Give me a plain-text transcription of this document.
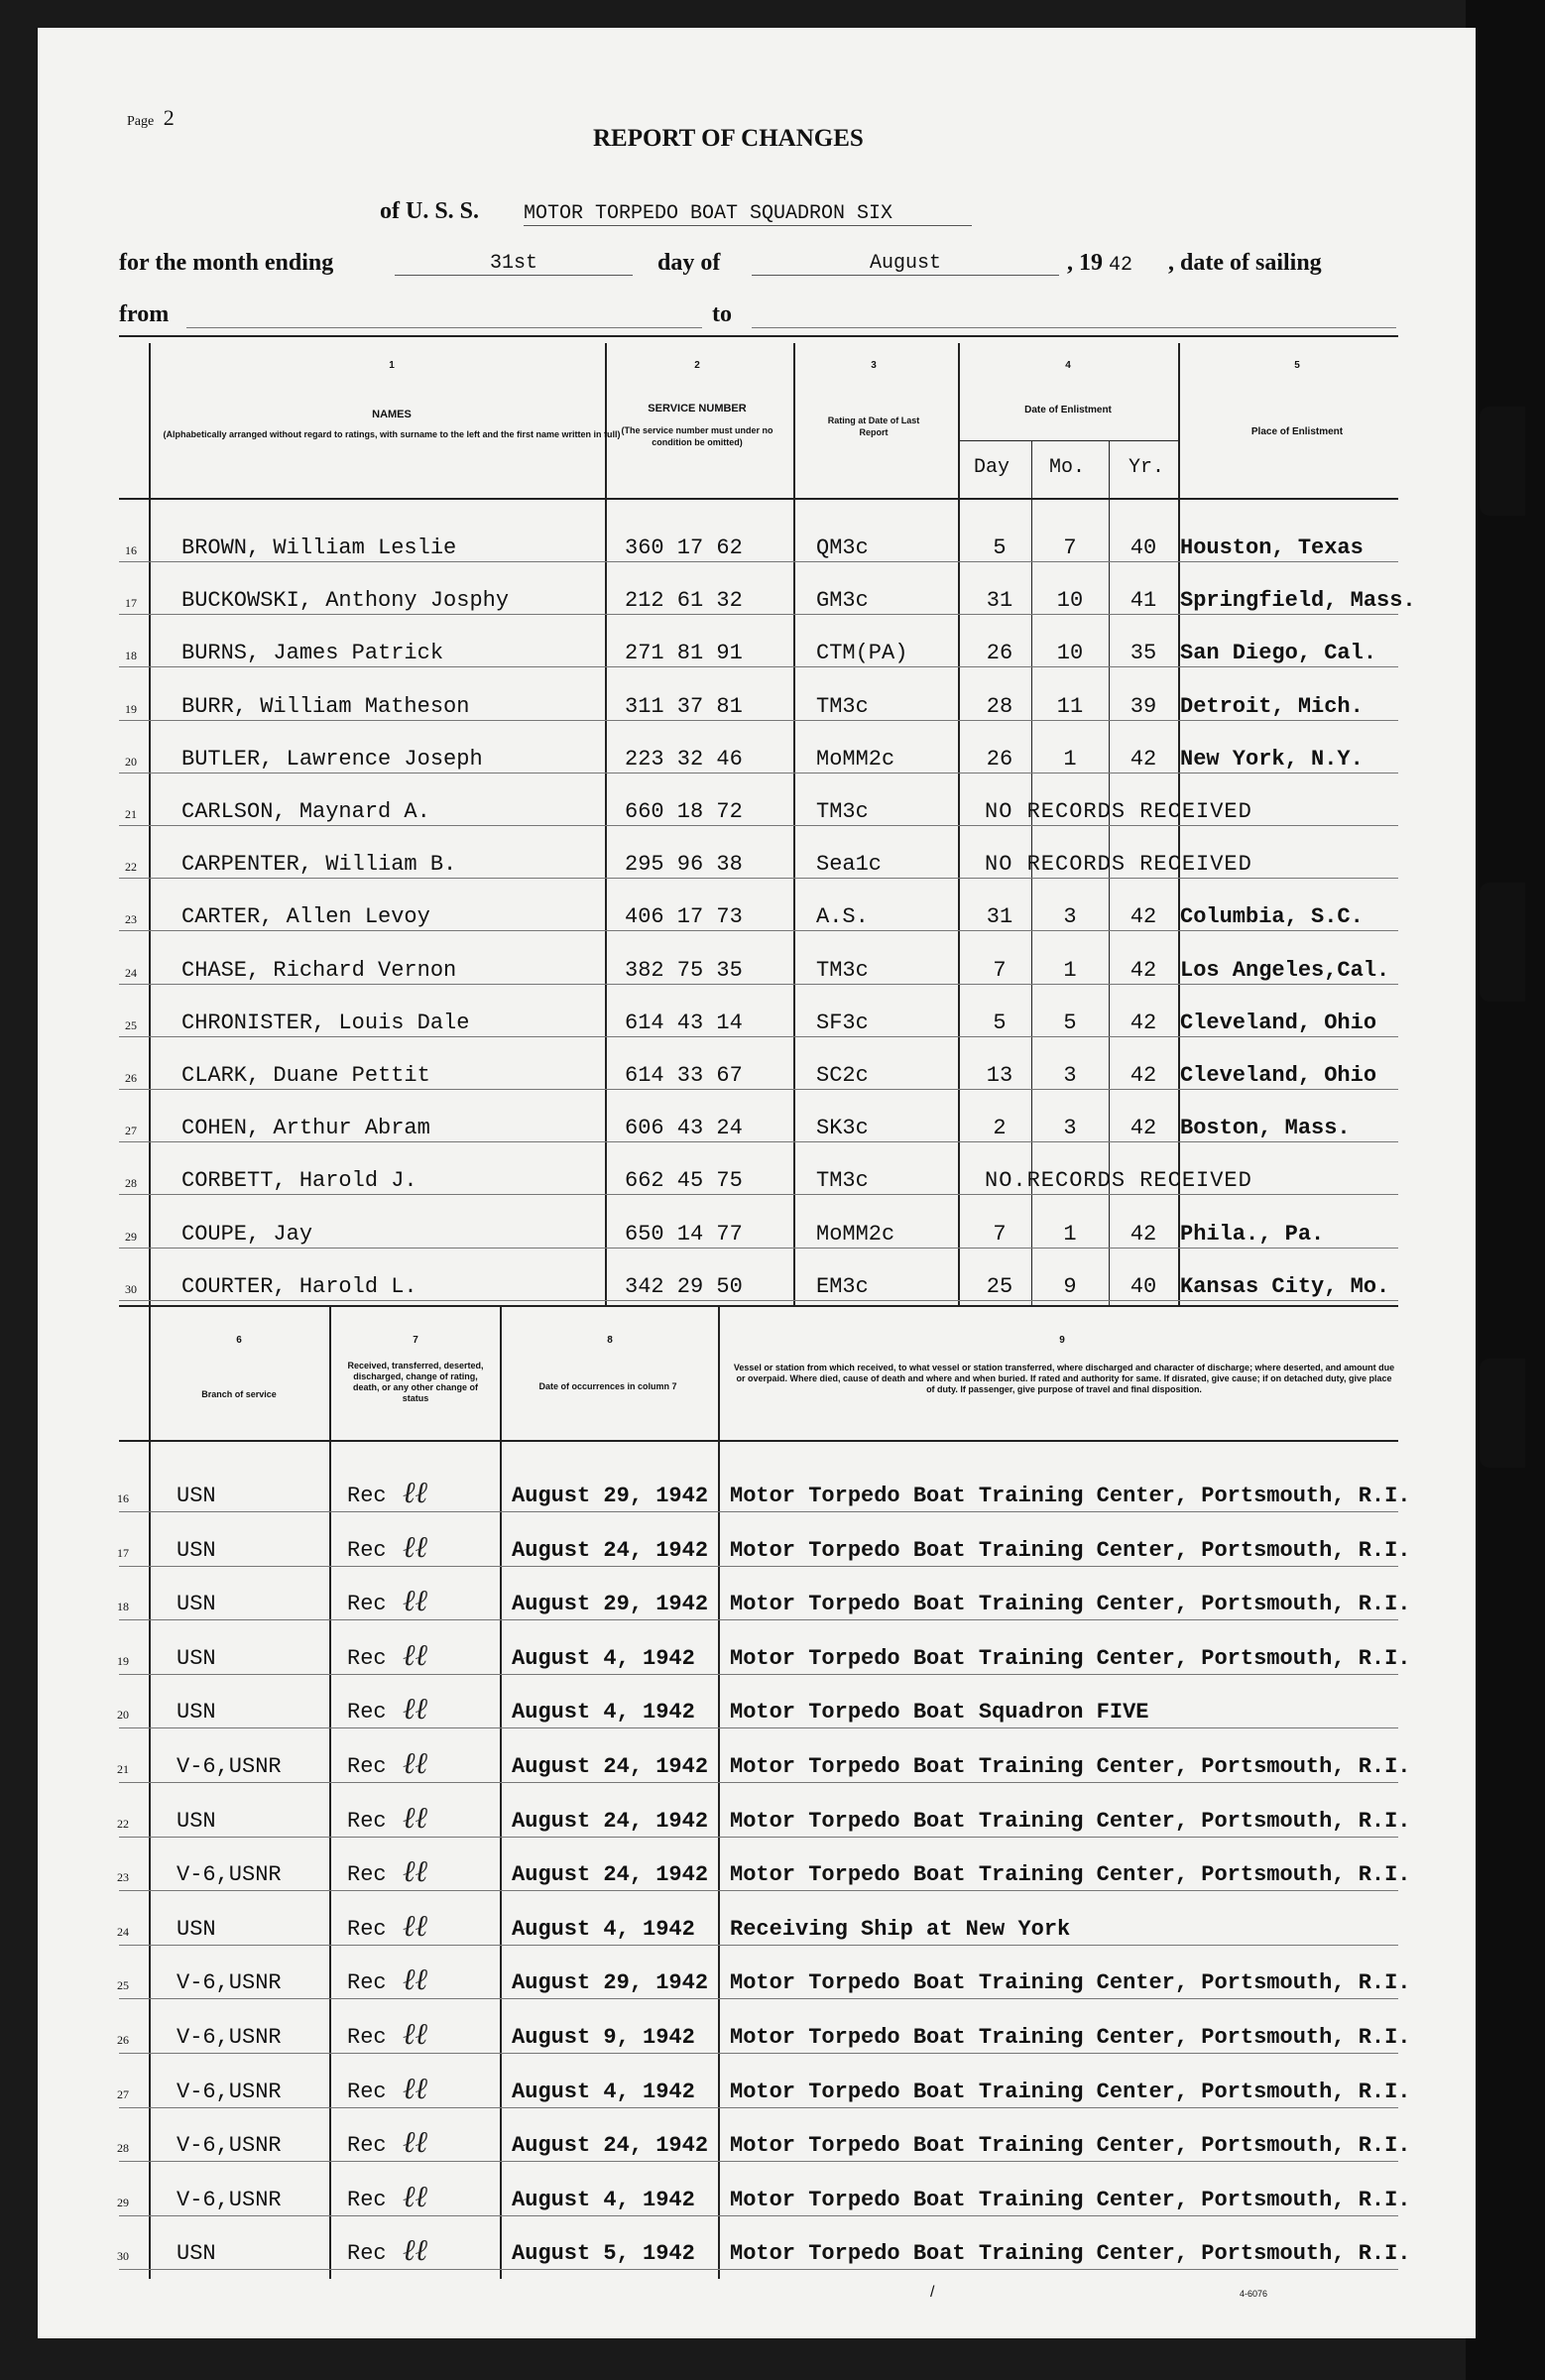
Page 2
REPORT OF CHANGES
of U. S. S. MOTOR TORPEDO BOAT SQUADRON SIX
for the month ending	31st	day of	August	, 19 42 , date of sailing
from	to
1
NAMES
(Alphabetically arranged without regard to ratings, with surname to the left and the first name written in full)
2
SERVICE NUMBER
(The service number must under no condition be omitted)
3
Rating at Date of Last Report
4
Date of Enlistment
Day Mo. Yr.
5
Place of Enlistment
16 BROWN, William Leslie	360 17 62	QM3c	5	7	40	Houston, Texas
17 BUCKOWSKI, Anthony Josphy	212 61 32	GM3c	31	10	41	Springfield, Mass.
18 BURNS, James Patrick	271 81 91	CTM(PA)	26	10	35	San Diego, Cal.
19 BURR, William Matheson	311 37 81	TM3c	28	11	39	Detroit, Mich.
20 BUTLER, Lawrence Joseph	223 32 46	MoMM2c	26	1	42	New York, N.Y.
21 CARLSON, Maynard A.	660 18 72	TM3c	NO RECORDS RECEIVED
22 CARPENTER, William B.	295 96 38	Sea1c	NO RECORDS RECEIVED
23 CARTER, Allen Levoy	406 17 73	A.S.	31	3	42	Columbia, S.C.
24 CHASE, Richard Vernon	382 75 35	TM3c	7	1	42	Los Angeles,Cal.
25 CHRONISTER, Louis Dale	614 43 14	SF3c	5	5	42	Cleveland, Ohio
26 CLARK, Duane Pettit	614 33 67	SC2c	13	3	42	Cleveland, Ohio
27 COHEN, Arthur Abram	606 43 24	SK3c	2	3	42	Boston, Mass.
28 CORBETT, Harold J.	662 45 75	TM3c	NO.RECORDS RECEIVED
29 COUPE, Jay	650 14 77	MoMM2c	7	1	42	Phila., Pa.
30 COURTER, Harold L.	342 29 50	EM3c	25	9	40	Kansas City, Mo.
6
Branch of service
7
Received, transferred, deserted, discharged, change of rating, death, or any other change of status
8
Date of occurrences in column 7
9
Vessel or station from which received, to what vessel or station transferred, where discharged and character of discharge; where deserted, and amount due or overpaid. Where died, cause of death and where and when buried. If rated and authority for same. If disrated, give cause; if on detached duty, give place of duty. If passenger, give purpose of travel and final disposition.
16 USN	Rec ℓℓ	August 29, 1942 Motor Torpedo Boat Training Center, Portsmouth, R.I.
17 USN	Rec ℓℓ	August 24, 1942 Motor Torpedo Boat Training Center, Portsmouth, R.I.
18 USN	Rec ℓℓ	August 29, 1942 Motor Torpedo Boat Training Center, Portsmouth, R.I.
19 USN	Rec ℓℓ	August 4, 1942 Motor Torpedo Boat Training Center, Portsmouth, R.I.
20 USN	Rec ℓℓ	August 4, 1942 Motor Torpedo Boat Squadron FIVE
21 V-6,USNR	Rec ℓℓ	August 24, 1942 Motor Torpedo Boat Training Center, Portsmouth, R.I.
22 USN	Rec ℓℓ	August 24, 1942 Motor Torpedo Boat Training Center, Portsmouth, R.I.
23 V-6,USNR	Rec ℓℓ	August 24, 1942 Motor Torpedo Boat Training Center, Portsmouth, R.I.
24 USN	Rec ℓℓ	August 4, 1942 Receiving Ship at New York
25 V-6,USNR	Rec ℓℓ	August 29, 1942 Motor Torpedo Boat Training Center, Portsmouth, R.I.
26 V-6,USNR	Rec ℓℓ	August 9, 1942 Motor Torpedo Boat Training Center, Portsmouth, R.I.
27 V-6,USNR	Rec ℓℓ	August 4, 1942 Motor Torpedo Boat Training Center, Portsmouth, R.I.
28 V-6,USNR	Rec ℓℓ	August 24, 1942 Motor Torpedo Boat Training Center, Portsmouth, R.I.
29 V-6,USNR	Rec ℓℓ	August 4, 1942 Motor Torpedo Boat Training Center, Portsmouth, R.I.
30 USN	Rec ℓℓ	August 5, 1942 Motor Torpedo Boat Training Center, Portsmouth, R.I.
/	4-6076
